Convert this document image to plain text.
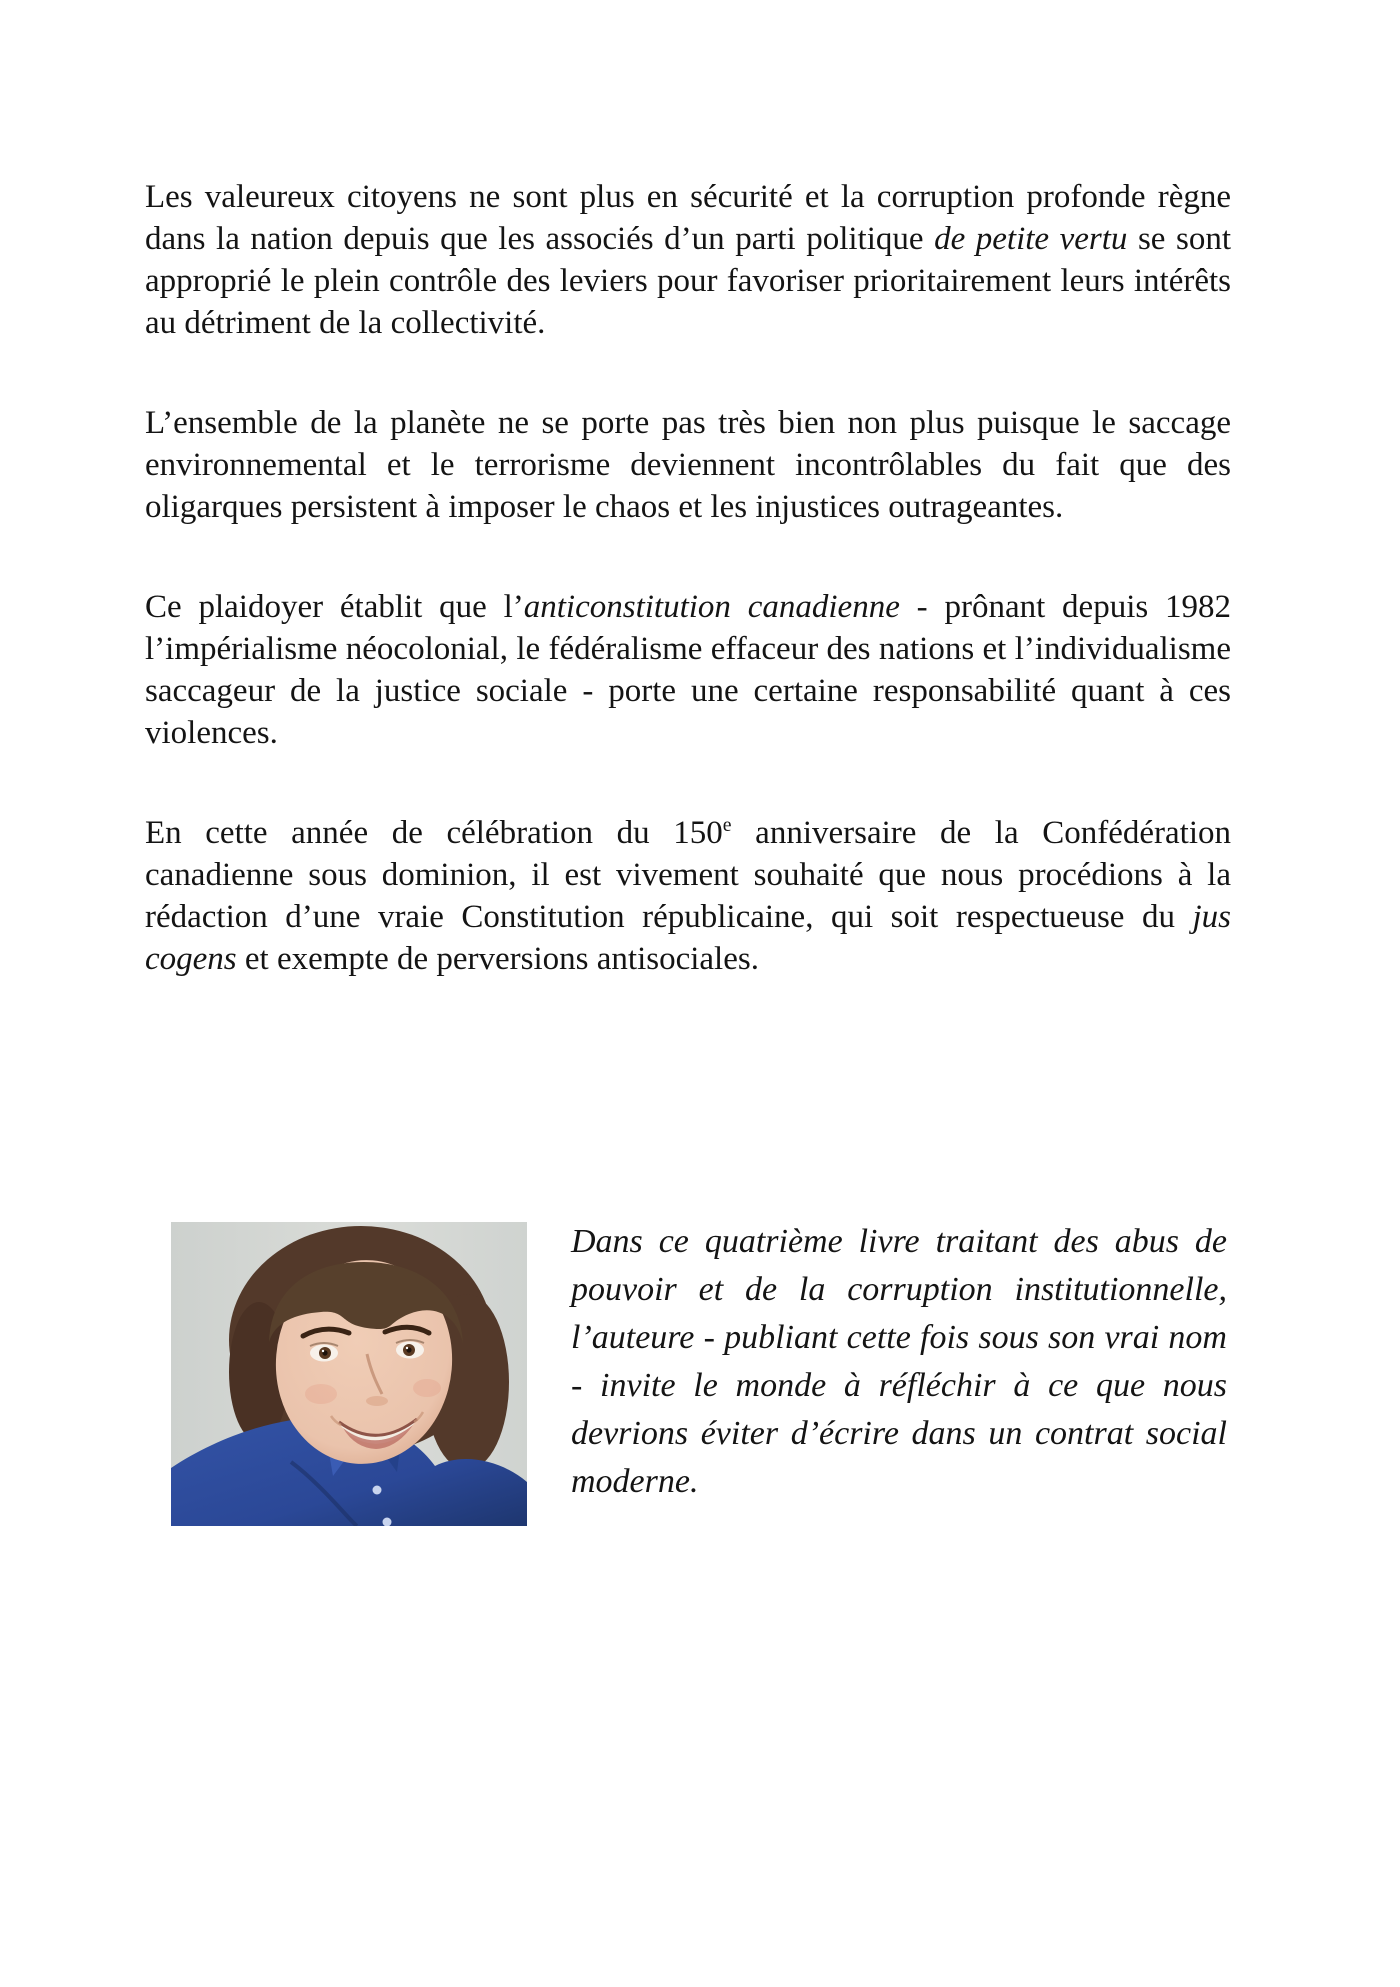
Les valeureux citoyens ne sont plus en sécurité et la corruption profonde règne dans la nation depuis que les associés d’un parti politique de petite vertu se sont approprié le plein contrôle des leviers pour favoriser prioritairement leurs intérêts au détriment de la collectivité.

L’ensemble de la planète ne se porte pas très bien non plus puisque le saccage environnemental et le terrorisme deviennent incontrôlables du fait que des oligarques persistent à imposer le chaos et les injustices outrageantes.

Ce plaidoyer établit que l’anticonstitution canadienne - prônant depuis 1982 l’impérialisme néocolonial, le fédéralisme effaceur des nations et l’individualisme saccageur de la justice sociale - porte une certaine responsabilité quant à ces violences.

En cette année de célébration du 150e anniversaire de la Confédération canadienne sous dominion, il est vivement souhaité que nous procédions à la rédaction d’une vraie Constitution républicaine, qui soit respectueuse du jus cogens et exempte de perversions antisociales.

Dans ce quatrième livre traitant des abus de pouvoir et de la corruption institutionnelle, l’auteure - publiant cette fois sous son vrai nom - invite le monde à réfléchir à ce que nous devrions éviter d’écrire dans un contrat social moderne.
